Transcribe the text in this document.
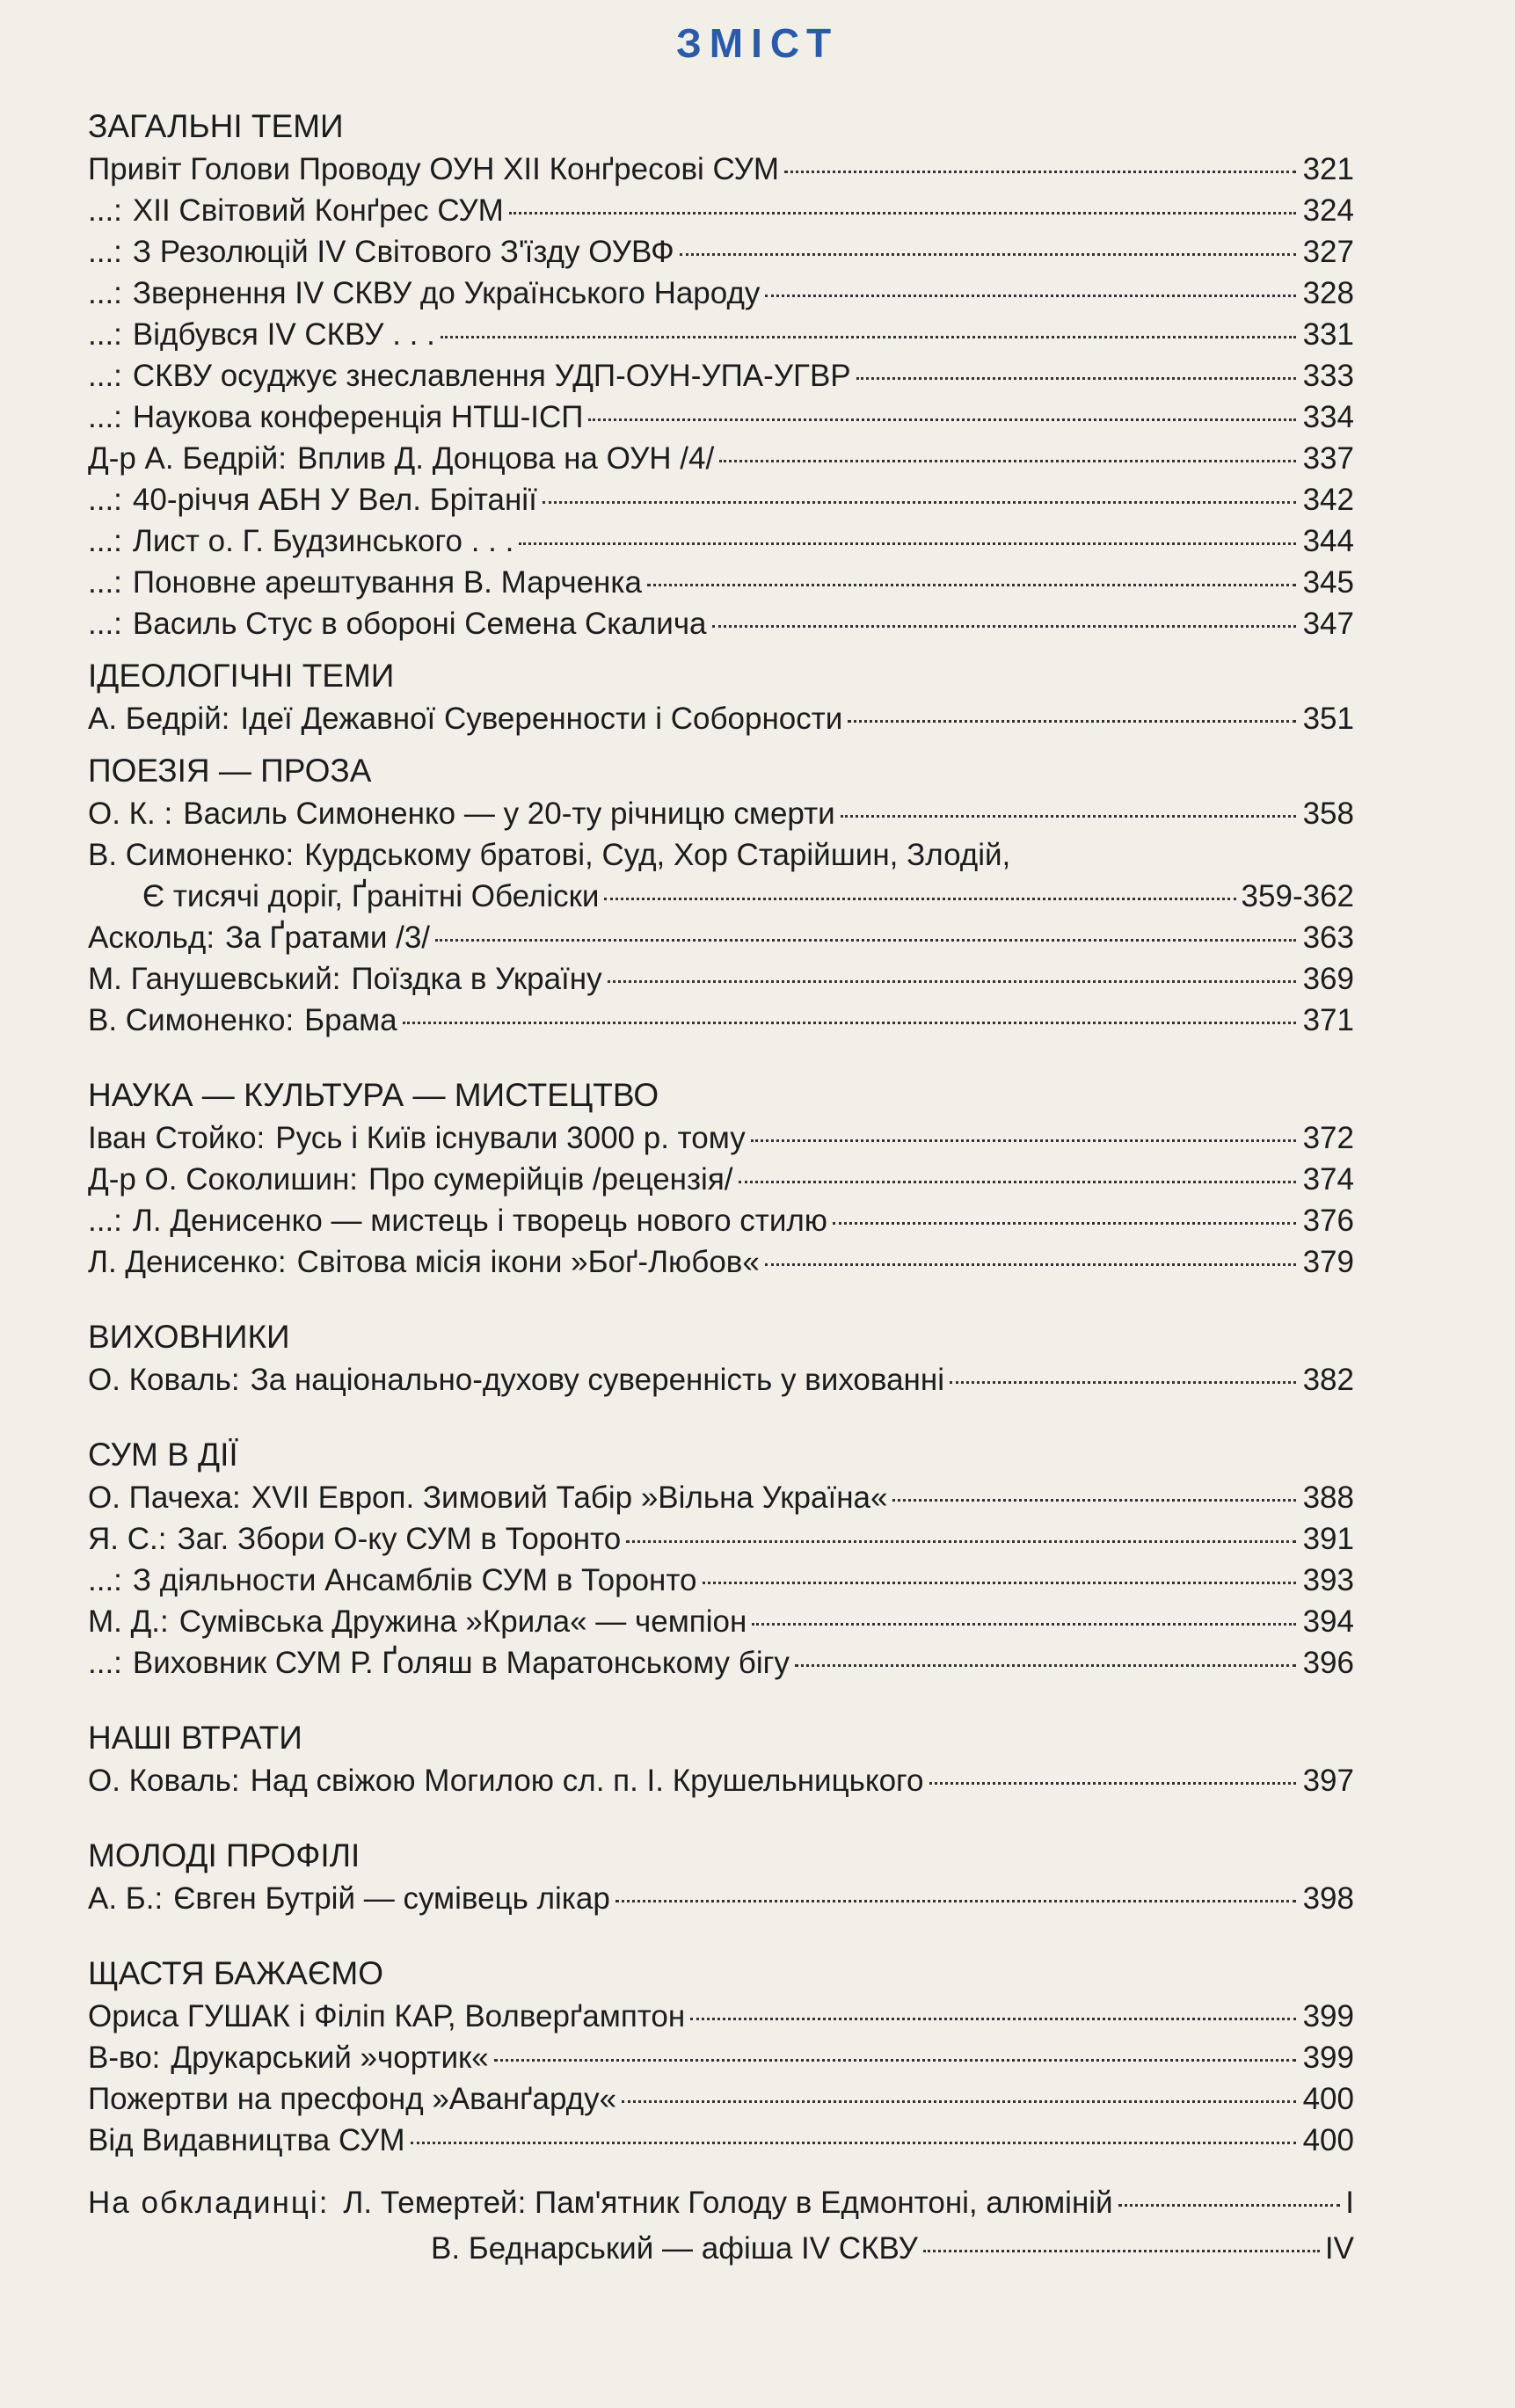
ЗМІСТ
ЗАГАЛЬНІ ТЕМИ
Привіт Голови Проводу ОУН XII Конґресові СУМ	321
...: XII Світовий Конґрес СУМ	324
...: З Резолюцій IV Світового З'їзду ОУВФ	327
...: Звернення IV СКВУ до Українського Народу	328
...: Відбувся IV СКВУ . . .	331
...: СКВУ осуджує знеславлення УДП-ОУН-УПА-УГВР	333
...: Наукова конференція НТШ-ІСП	334
Д-р А. Бедрій: Вплив Д. Донцова на ОУН /4/	337
...: 40-річчя АБН У Вел. Брітанії	342
...: Лист о. Г. Будзинського . . .	344
...: Поновне арештування В. Марченка	345
...: Василь Стус в обороні Семена Скалича	347
ІДЕОЛОГІЧНІ ТЕМИ
А. Бедрій: Ідеї Дежавної Суверенности і Соборности	351
ПОЕЗІЯ — ПРОЗА
О. К. : Василь Симоненко — у 20-ту річницю смерти	358
В. Симоненко: Курдському братові, Суд, Хор Старійшин, Злодій,
Є тисячі доріг, Ґранітні Обеліски	359-362
Аскольд: За Ґратами /3/	363
М. Ганушевський: Поїздка в Україну	369
В. Симоненко: Брама	371
НАУКА — КУЛЬТУРА — МИСТЕЦТВО
Іван Стойко: Русь і Київ існували 3000 р. тому	372
Д-р О. Соколишин: Про сумерійців /рецензія/	374
...: Л. Денисенко — мистець і творець нового стилю	376
Л. Денисенко: Світова місія ікони »Боґ-Любов«	379
ВИХОВНИКИ
О. Коваль: За національно-духову суверенність у вихованні	382
СУМ В ДІЇ
О. Пачеха: XVII Европ. Зимовий Табір »Вільна Україна«	388
Я. С.: Заг. Збори О-ку СУМ в Торонто	391
...: З діяльности Ансамблів СУМ в Торонто	393
М. Д.: Сумівська Дружина »Крила« — чемпіон	394
...: Виховник СУМ Р. Ґоляш в Маратонському бігу	396
НАШІ ВТРАТИ
О. Коваль: Над свіжою Могилою сл. п. І. Крушельницького	397
МОЛОДІ ПРОФІЛІ
А. Б.: Євген Бутрій — сумівець лікар	398
ЩАСТЯ БАЖАЄМО
Ориса ГУШАК і Філіп КАР, Волверґамптон	399
В-во: Друкарський »чортик«	399
Пожертви на пресфонд »Аванґарду«	400
Від Видавництва СУМ	400
На обкладинці: Л. Темертей: Пам'ятник Голоду в Едмонтоні, алюміній	I
В. Беднарський — афіша IV СКВУ	IV
